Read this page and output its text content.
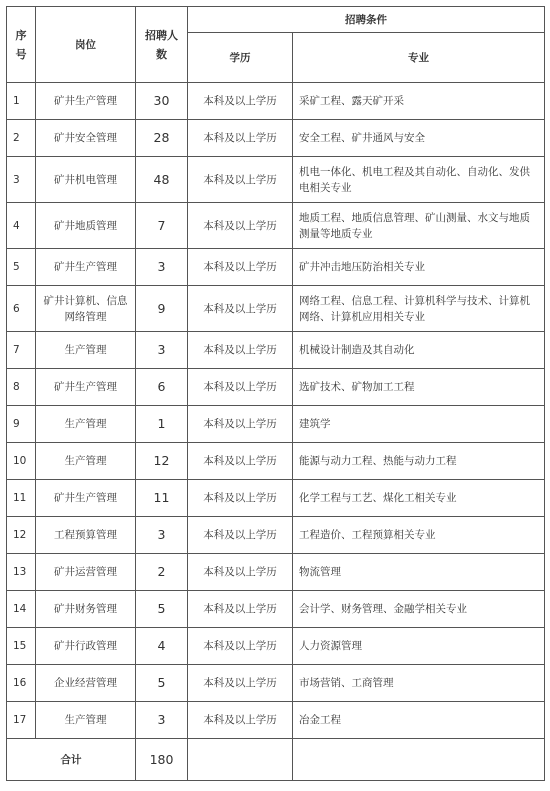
序号	岗位	招聘人数	招聘条件	
			学历	专业
1	矿井生产管理	30	本科及以上学历	采矿工程、露天矿开采
2	矿井安全管理	28	本科及以上学历	安全工程、矿井通风与安全
3	矿井机电管理	48	本科及以上学历	机电一体化、机电工程及其自动化、自动化、发供电相关专业
4	矿井地质管理	7	本科及以上学历	地质工程、地质信息管理、矿山测量、水文与地质测量等地质专业
5	矿井生产管理	3	本科及以上学历	矿井冲击地压防治相关专业
6	矿井计算机、信息网络管理	9	本科及以上学历	网络工程、信息工程、计算机科学与技术、计算机网络、计算机应用相关专业
7	生产管理	3	本科及以上学历	机械设计制造及其自动化
8	矿井生产管理	6	本科及以上学历	选矿技术、矿物加工工程
9	生产管理	1	本科及以上学历	建筑学
10	生产管理	12	本科及以上学历	能源与动力工程、热能与动力工程
11	矿井生产管理	11	本科及以上学历	化学工程与工艺、煤化工相关专业
12	工程预算管理	3	本科及以上学历	工程造价、工程预算相关专业
13	矿井运营管理	2	本科及以上学历	物流管理
14	矿井财务管理	5	本科及以上学历	会计学、财务管理、金融学相关专业
15	矿井行政管理	4	本科及以上学历	人力资源管理
16	企业经营管理	5	本科及以上学历	市场营销、工商管理
17	生产管理	3	本科及以上学历	冶金工程
合计		180		
